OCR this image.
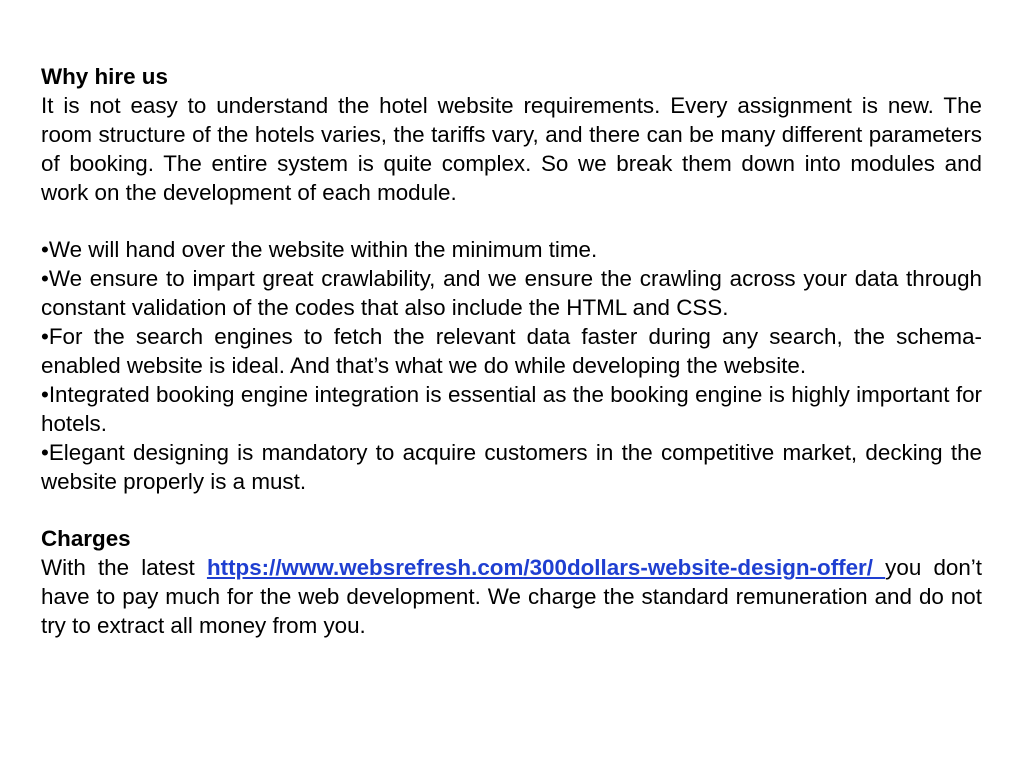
Why hire us

It is not easy to understand the hotel website requirements. Every assignment is new. The room structure of the hotels varies, the tariffs vary, and there can be many different parameters of booking. The entire system is quite complex. So we break them down into modules and work on the development of each module.

•We will hand over the website within the minimum time.

•We ensure to impart great crawlability, and we ensure the crawling across your data through constant validation of the codes that also include the HTML and CSS.

•For the search engines to fetch the relevant data faster during any search, the schema-enabled website is ideal. And that’s what we do while developing the website.

•Integrated booking engine integration is essential as the booking engine is highly important for hotels.

•Elegant designing is mandatory to acquire customers in the competitive market, decking the website properly is a must.

Charges

With the latest https://www.websrefresh.com/300dollars-website-design-offer/ you don’t have to pay much for the web development. We charge the standard remuneration and do not try to extract all money from you.
